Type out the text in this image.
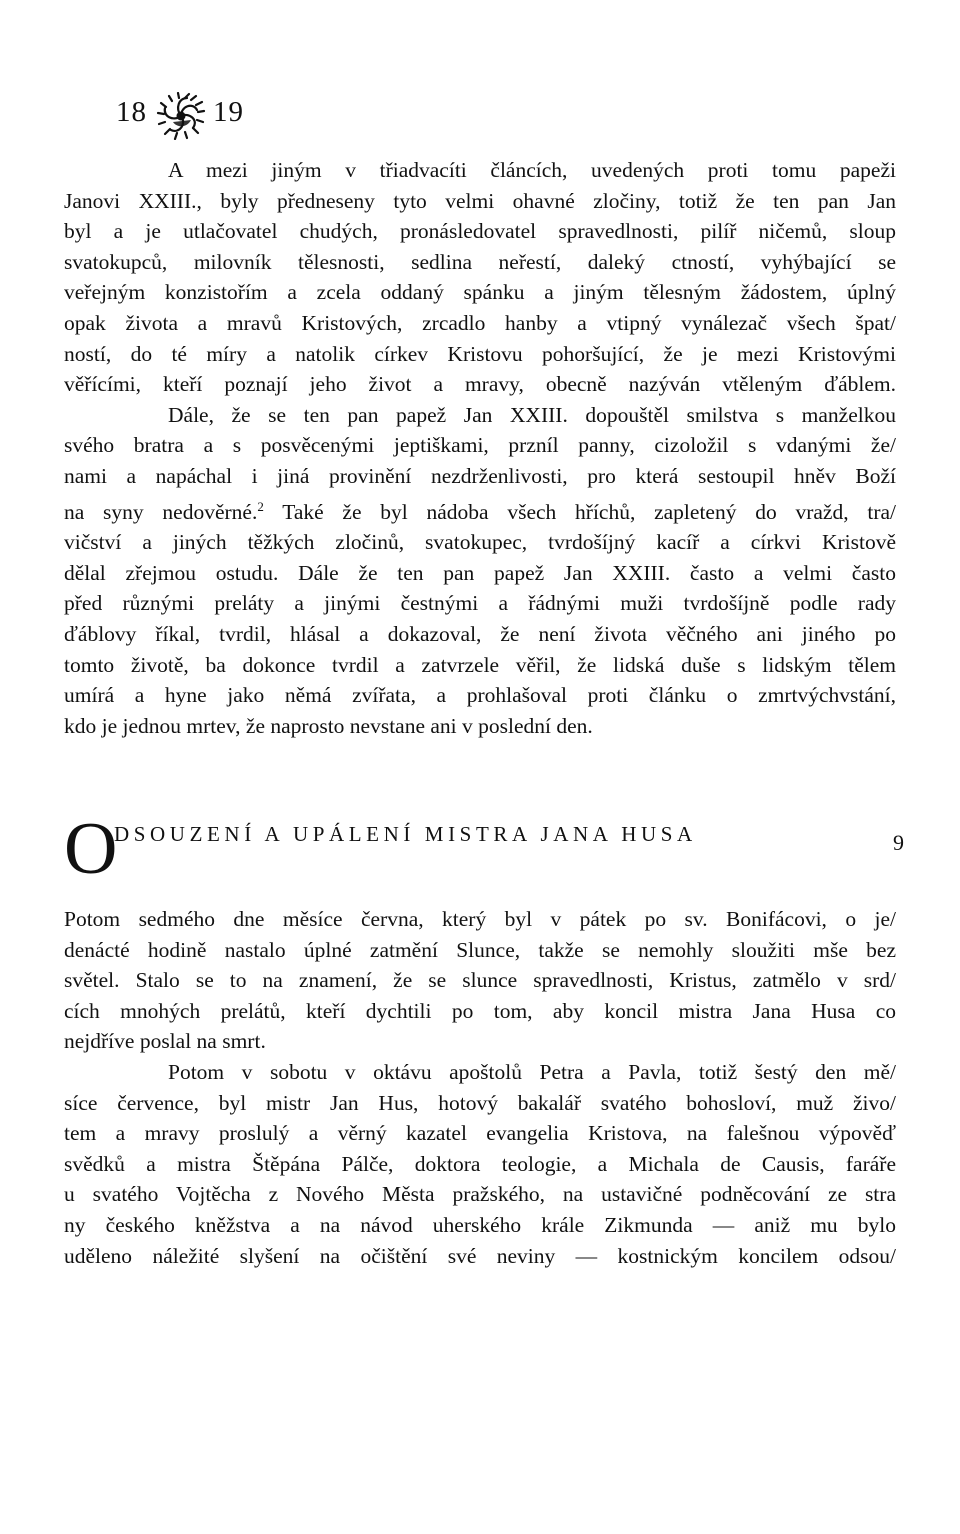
18 19
A mezi jiným v třiadvacíti článcích, uvedených proti tomu papeži
Janovi XXIII., byly předneseny tyto velmi ohavné zločiny, totiž že ten pan Jan
byl a je utlačovatel chudých, pronásledovatel spravedlnosti, pilíř ničemů, sloup
svatokupců, milovník tělesnosti, sedlina neřestí, daleký ctností, vyhýbající se
veřejným konzistořím a zcela oddaný spánku a jiným tělesným žádostem, úplný
opak života a mravů Kristových, zrcadlo hanby a vtipný vynálezač všech špat/
ností, do té míry a natolik církev Kristovu pohoršující, že je mezi Kristovými
věřícími, kteří poznají jeho život a mravy, obecně nazýván vtěleným ďáblem.
Dále, že se ten pan papež Jan XXIII. dopouštěl smilstva s manželkou
svého bratra a s posvěcenými jeptiškami, przníl panny, cizoložil s vdanými že/
nami a napáchal i jiná provinění nezdrženlivosti, pro která sestoupil hněv Boží
na syny nedověrné.$^2$ Také že byl nádoba všech hříchů, zapletený do vražd, tra/
vičství a jiných těžkých zločinů, svatokupec, tvrdošíjný kacíř a církvi Kristově
dělal zřejmou ostudu. Dále že ten pan papež Jan XXIII. často a velmi často
před různými preláty a jinými čestnými a řádnými muži tvrdošíjně podle rady
ďáblovy říkal, tvrdil, hlásal a dokazoval, že není života věčného ani jiného po
tomto životě, ba dokonce tvrdil a zatvrzele věřil, že lidská duše s lidským tělem
umírá a hyne jako němá zvířata, a prohlašoval proti článku o zmrtvýchvstání,
kdo je jednou mrtev, že naprosto nevstane ani v poslední den.
O
DSOUZENÍ A UPÁLENÍ MISTRA JANA HUSA	9
Potom sedmého dne měsíce června, který byl v pátek po sv. Bonifácovi, o je/
denácté hodině nastalo úplné zatmění Slunce, takže se nemohly sloužiti mše bez
světel. Stalo se to na znamení, že se slunce spravedlnosti, Kristus, zatmělo v srd/
cích mnohých prelátů, kteří dychtili po tom, aby koncil mistra Jana Husa co
nejdříve poslal na smrt.
Potom v sobotu v oktávu apoštolů Petra a Pavla, totiž šestý den mě/
síce července, byl mistr Jan Hus, hotový bakalář svatého bohosloví, muž živo/
tem a mravy proslulý a věrný kazatel evangelia Kristova, na falešnou výpověď
svědků a mistra Štěpána Pálče, doktora teologie, a Michala de Causis, faráře
u svatého Vojtěcha z Nového Města pražského, na ustavičné podněcování ze stra
ny českého kněžstva a na návod uherského krále Zikmunda — aniž mu bylo
uděleno náležité slyšení na očištění své neviny — kostnickým koncilem odsou/
